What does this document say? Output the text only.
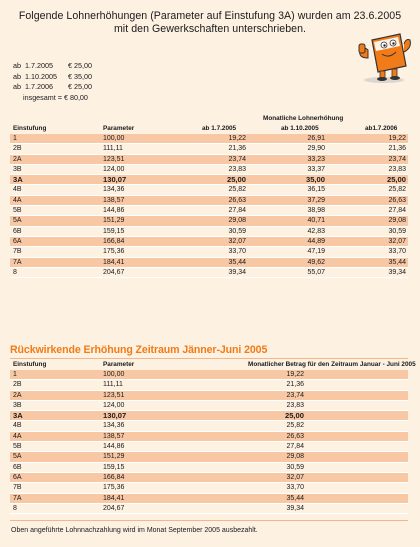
Folgende Lohnerhöhungen (Parameter auf Einstufung 3A) wurden am 23.6.2005
mit den Gewerkschaften unterschrieben.
ab 1.7.2005 € 25,00
ab 1.10.2005 € 35,00
ab 1.7.2006 € 25,00
insgesamt = € 80,00
Monatliche Lohnerhöhung
Einstufung	Parameter	ab 1.7.2005	ab 1.10.2005	ab1.7.2006
1	100,00	19,22	26,91	19,22
2B	111,11	21,36	29,90	21,36
2A	123,51	23,74	33,23	23,74
3B	124,00	23,83	33,37	23,83
3A	130,07	25,00	35,00	25,00
4B	134,36	25,82	36,15	25,82
4A	138,57	26,63	37,29	26,63
5B	144,86	27,84	38,98	27,84
5A	151,29	29,08	40,71	29,08
6B	159,15	30,59	42,83	30,59
6A	166,84	32,07	44,89	32,07
7B	175,36	33,70	47,19	33,70
7A	184,41	35,44	49,62	35,44
8	204,67	39,34	55,07	39,34
Rückwirkende Erhöhung Zeitraum Jänner-Juni 2005
Einstufung	Parameter	Monatlicher Betrag für den Zeitraum Januar - Juni 2005
1	100,00	19,22
2B	111,11	21,36
2A	123,51	23,74
3B	124,00	23,83
3A	130,07	25,00
4B	134,36	25,82
4A	138,57	26,63
5B	144,86	27,84
5A	151,29	29,08
6B	159,15	30,59
6A	166,84	32,07
7B	175,36	33,70
7A	184,41	35,44
8	204,67	39,34
Oben angeführte Lohnnachzahlung wird im Monat September 2005 ausbezahlt.
